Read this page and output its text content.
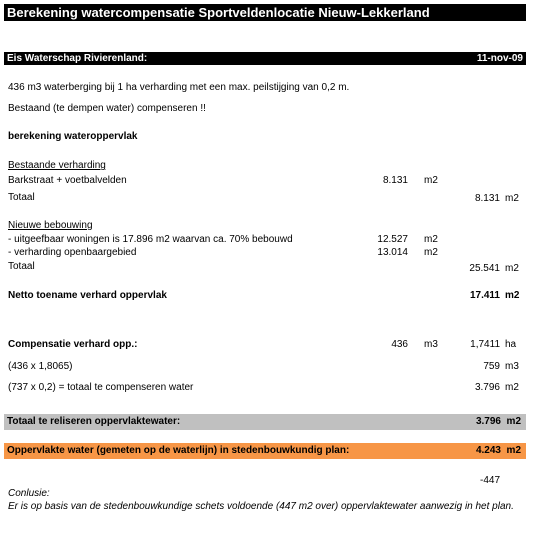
Berekening watercompensatie Sportveldenlocatie Nieuw-Lekkerland
Eis Waterschap Rivierenland:	11-nov-09
436 m3 waterberging bij 1 ha verharding met een max. peilstijging van 0,2 m.
Bestaand (te dempen water) compenseren !!
berekening wateroppervlak
Bestaande verharding
Barkstraat + voetbalvelden	8.131 m2
Totaal	8.131 m2
Nieuwe bebouwing
- uitgeefbaar woningen is 17.896 m2 waarvan ca. 70% bebouwd	12.527 m2
- verharding openbaargebied	13.014 m2
Totaal	25.541 m2
Netto toename verhard oppervlak	17.411 m2
Compensatie verhard opp.:	436 m3	1,7411 ha
(436 x 1,8065)	759 m3
(737 x 0,2) = totaal te compenseren water	3.796 m2
Totaal te reliseren oppervlaktewater:	3.796 m2
Oppervlakte water (gemeten op de waterlijn) in stedenbouwkundig plan:	4.243 m2
-447
Conlusie:
Er is op basis van de stedenbouwkundige schets voldoende (447 m2 over) oppervlaktewater aanwezig in het plan.
